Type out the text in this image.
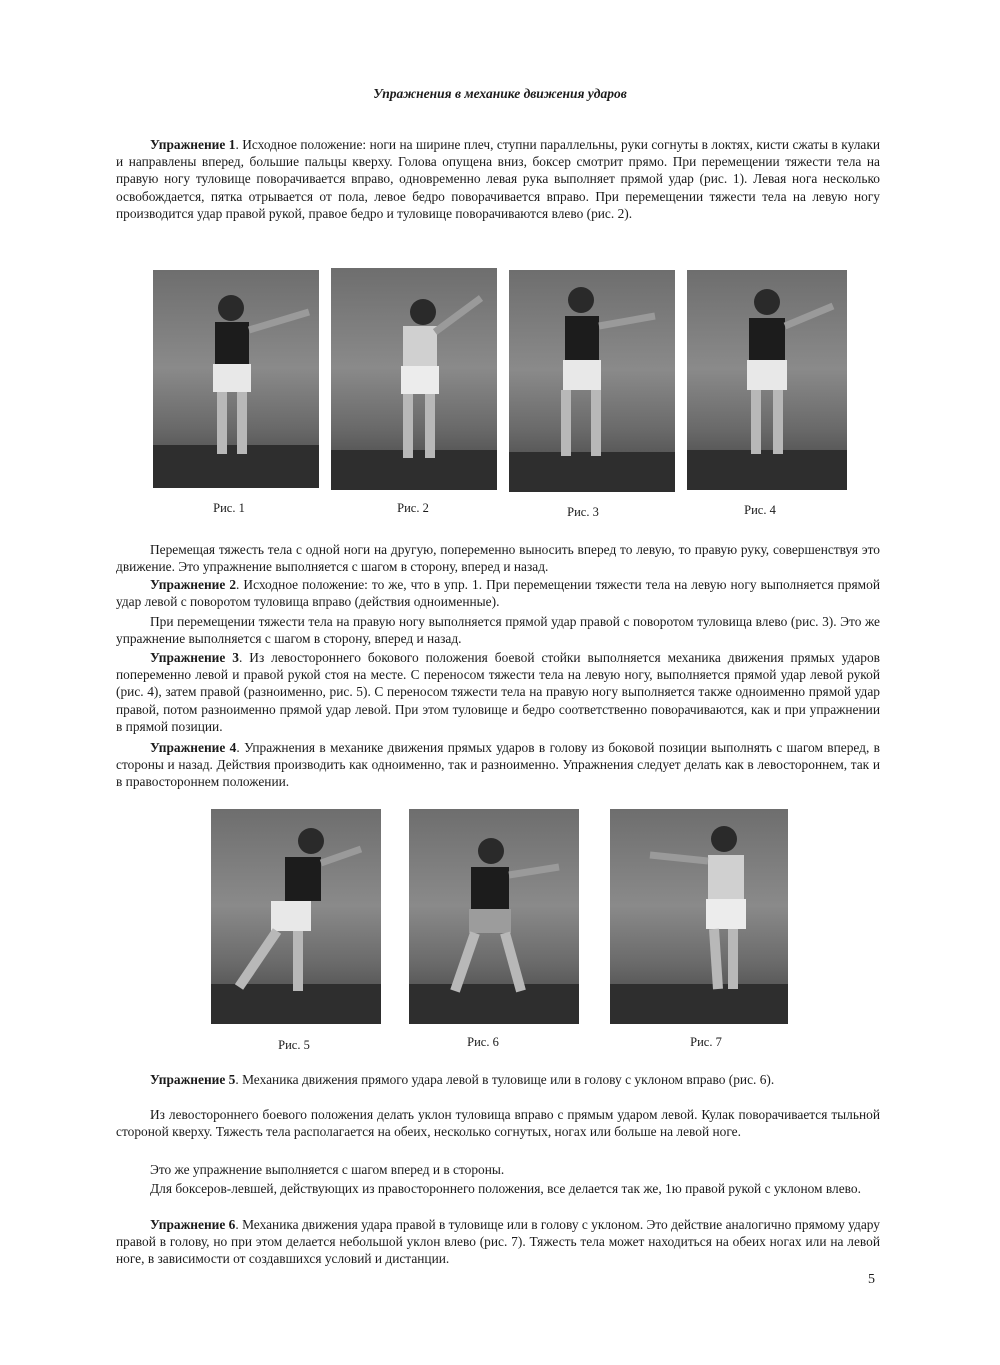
Упражнения в механике движения ударов

Упражнение 1. Исходное положение: ноги на ширине плеч, ступни параллельны, руки согнуты в локтях, кисти сжаты в кулаки и направлены вперед, большие пальцы кверху. Голова опущена вниз, боксер смотрит прямо. При перемещении тяжести тела на правую ногу туловище поворачивается вправо, одновременно левая рука выполняет прямой удар (рис. 1). Левая нога несколько освобождается, пятка отрывается от пола, левое бедро поворачивается вправо. При перемещении тяжести тела на левую ногу производится удар правой рукой, правое бедро и туловище поворачиваются влево (рис. 2).

Рис. 1	Рис. 2	Рис. 3	Рис. 4

Перемещая тяжесть тела с одной ноги на другую, попеременно выносить вперед то левую, то правую руку, совершенствуя это движение. Это упражнение выполняется с шагом в сторону, вперед и назад.

Упражнение 2. Исходное положение: то же, что в упр. 1. При перемещении тяжести тела на левую ногу выполняется прямой удар левой с поворотом туловища вправо (действия одноименные).

При перемещении тяжести тела на правую ногу выполняется прямой удар правой с поворотом туловища влево (рис. 3). Это же упражнение выполняется с шагом в сторону, вперед и назад.

Упражнение 3. Из левостороннего бокового положения боевой стойки выполняется механика движения прямых ударов попеременно левой и правой рукой стоя на месте. С переносом тяжести тела на левую ногу, выполняется прямой удар левой рукой (рис. 4), затем правой (разноименно, рис. 5). С переносом тяжести тела на правую ногу выполняется также одноименно прямой удар правой, потом разноименно прямой удар левой. При этом туловище и бедро соответственно поворачиваются, как и при упражнении в прямой позиции.

Упражнение 4. Упражнения в механике движения прямых ударов в голову из боковой позиции выполнять с шагом вперед, в стороны и назад. Действия производить как одноименно, так и разноименно. Упражнения следует делать как в левостороннем, так и в правостороннем положении.

Рис. 5	Рис. 6	Рис. 7

Упражнение 5. Механика движения прямого удара левой в туловище или в голову с уклоном вправо (рис. 6).

Из левостороннего боевого положения делать уклон туловища вправо с прямым ударом левой. Кулак поворачивается тыльной стороной кверху. Тяжесть тела располагается на обеих, несколько согнутых, ногах или больше на левой ноге.

Это же упражнение выполняется с шагом вперед и в стороны.

Для боксеров-левшей, действующих из правостороннего положения, все делается так же, 1ю правой рукой с уклоном влево.

Упражнение 6. Механика движения удара правой в туловище или в голову с уклоном. Это действие аналогично прямому удару правой в голову, но при этом делается небольшой уклон влево (рис. 7). Тяжесть тела может находиться на обеих ногах или на левой ноге, в зависимости от создавшихся условий и дистанции.

5
